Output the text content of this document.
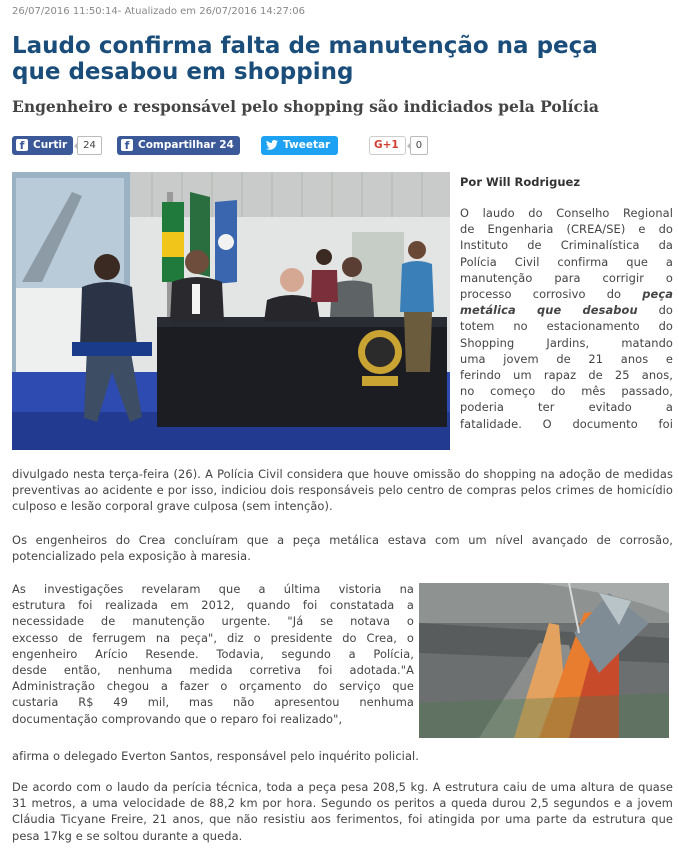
26/07/2016 11:50:14- Atualizado em 26/07/2016 14:27:06
Laudo confirma falta de manutenção na peça
que desabou em shopping
Engenheiro e responsável pelo shopping são indiciados pela Polícia
f Curtir	24	f Compartilhar 24	Tweetar	G+1	0
Por Will Rodriguez
O laudo do Conselho Regional
de Engenharia (CREA/SE) e do
Instituto de Criminalística da
Polícia Civil confirma que a
manutenção para corrigir o
processo corrosivo do peça
metálica que desabou do
totem no estacionamento do
Shopping Jardins, matando
uma jovem de 21 anos e
ferindo um rapaz de 25 anos,
no começo do mês passado,
poderia ter evitado a
fatalidade. O documento foi

divulgado nesta terça-feira (26). A Polícia Civil considera que houve omissão do shopping na adoção de medidas preventivas ao acidente e por isso, indiciou dois responsáveis pelo centro de compras pelos crimes de homicídio culposo e lesão corporal grave culposa (sem intenção).

Os engenheiros do Crea concluíram que a peça metálica estava com um nível avançado de corrosão, potencializado pela exposição à maresia.

As investigações revelaram que a última vistoria na
estrutura foi realizada em 2012, quando foi constatada a
necessidade de manutenção urgente. "Já se notava o
excesso de ferrugem na peça", diz o presidente do Crea, o
engenheiro Arício Resende. Todavia, segundo a Polícia,
desde então, nenhuma medida corretiva foi adotada."A
Administração chegou a fazer o orçamento do serviço que
custaria R$ 49 mil, mas não apresentou nenhuma
documentação comprovando que o reparo foi realizado",

afirma o delegado Everton Santos, responsável pelo inquérito policial.

De acordo com o laudo da perícia técnica, toda a peça pesa 208,5 kg. A estrutura caiu de uma altura de quase 31 metros, a uma velocidade de 88,2 km por hora. Segundo os peritos a queda durou 2,5 segundos e a jovem Cláudia Ticyane Freire, 21 anos, que não resistiu aos ferimentos, foi atingida por uma parte da estrutura que pesa 17kg e se soltou durante a queda.
